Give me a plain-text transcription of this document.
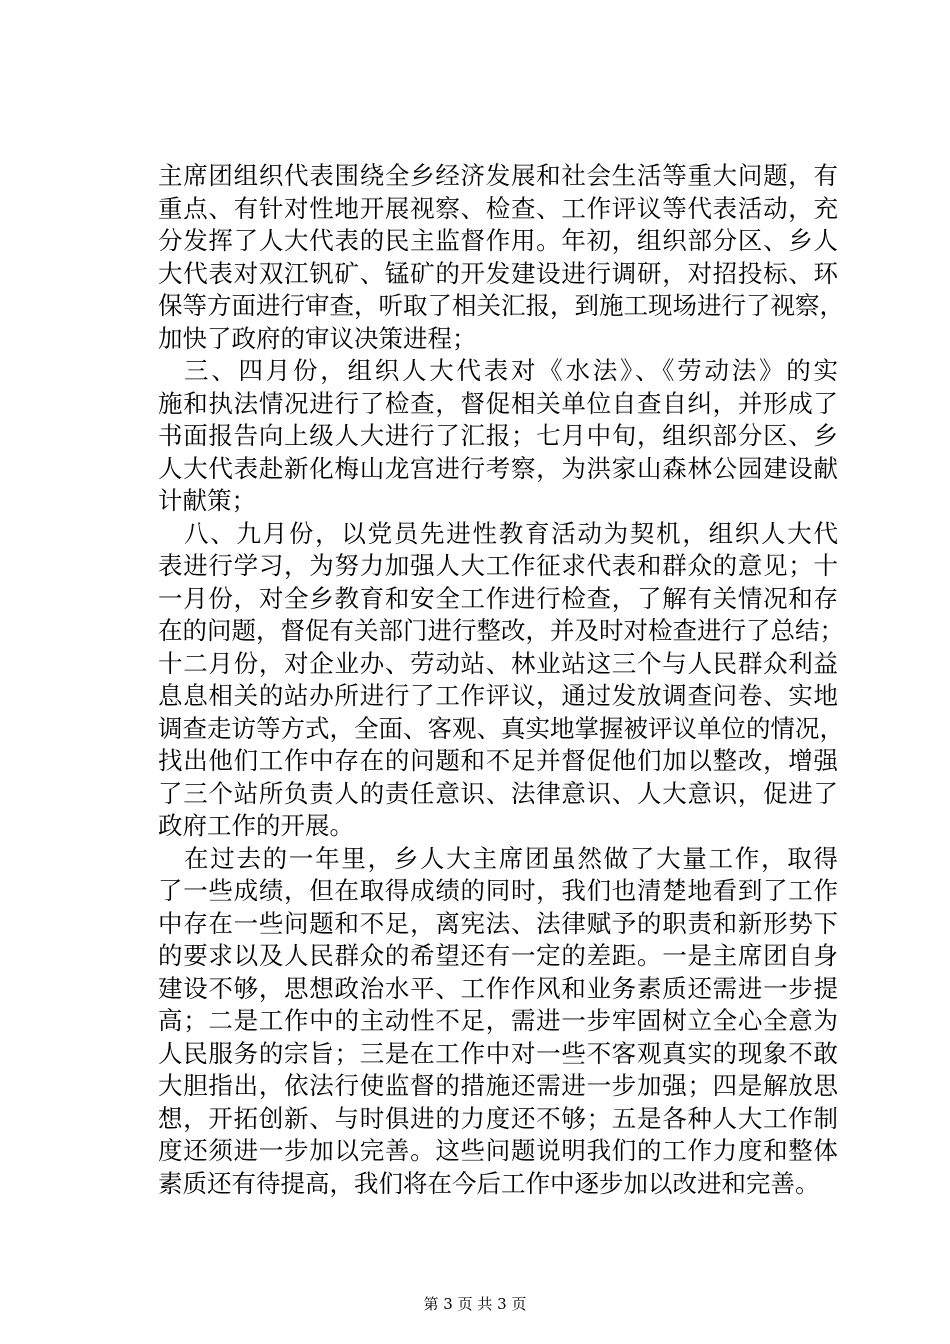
主席团组织代表围绕全乡经济发展和社会生活等重大问题，有
重点、有针对性地开展视察、检查、工作评议等代表活动，充
分发挥了人大代表的民主监督作用。年初，组织部分区、乡人
大代表对双江钒矿、锰矿的开发建设进行调研，对招投标、环
保等方面进行审查，听取了相关汇报，到施工现场进行了视察，
加快了政府的审议决策进程；
三、四月份，组织人大代表对《水法》、《劳动法》的实
施和执法情况进行了检查，督促相关单位自查自纠，并形成了
书面报告向上级人大进行了汇报；七月中旬，组织部分区、乡
人大代表赴新化梅山龙宫进行考察，为洪家山森林公园建设献
计献策；
八、九月份，以党员先进性教育活动为契机，组织人大代
表进行学习，为努力加强人大工作征求代表和群众的意见；十
一月份，对全乡教育和安全工作进行检查，了解有关情况和存
在的问题，督促有关部门进行整改，并及时对检查进行了总结；
十二月份，对企业办、劳动站、林业站这三个与人民群众利益
息息相关的站办所进行了工作评议，通过发放调查问卷、实地
调查走访等方式，全面、客观、真实地掌握被评议单位的情况，
找出他们工作中存在的问题和不足并督促他们加以整改，增强
了三个站所负责人的责任意识、法律意识、人大意识，促进了
政府工作的开展。
在过去的一年里，乡人大主席团虽然做了大量工作，取得
了一些成绩，但在取得成绩的同时，我们也清楚地看到了工作
中存在一些问题和不足，离宪法、法律赋予的职责和新形势下
的要求以及人民群众的希望还有一定的差距。一是主席团自身
建设不够，思想政治水平、工作作风和业务素质还需进一步提
高；二是工作中的主动性不足，需进一步牢固树立全心全意为
人民服务的宗旨；三是在工作中对一些不客观真实的现象不敢
大胆指出，依法行使监督的措施还需进一步加强；四是解放思
想，开拓创新、与时俱进的力度还不够；五是各种人大工作制
度还须进一步加以完善。这些问题说明我们的工作力度和整体
素质还有待提高，我们将在今后工作中逐步加以改进和完善。
第 3 页 共 3 页
